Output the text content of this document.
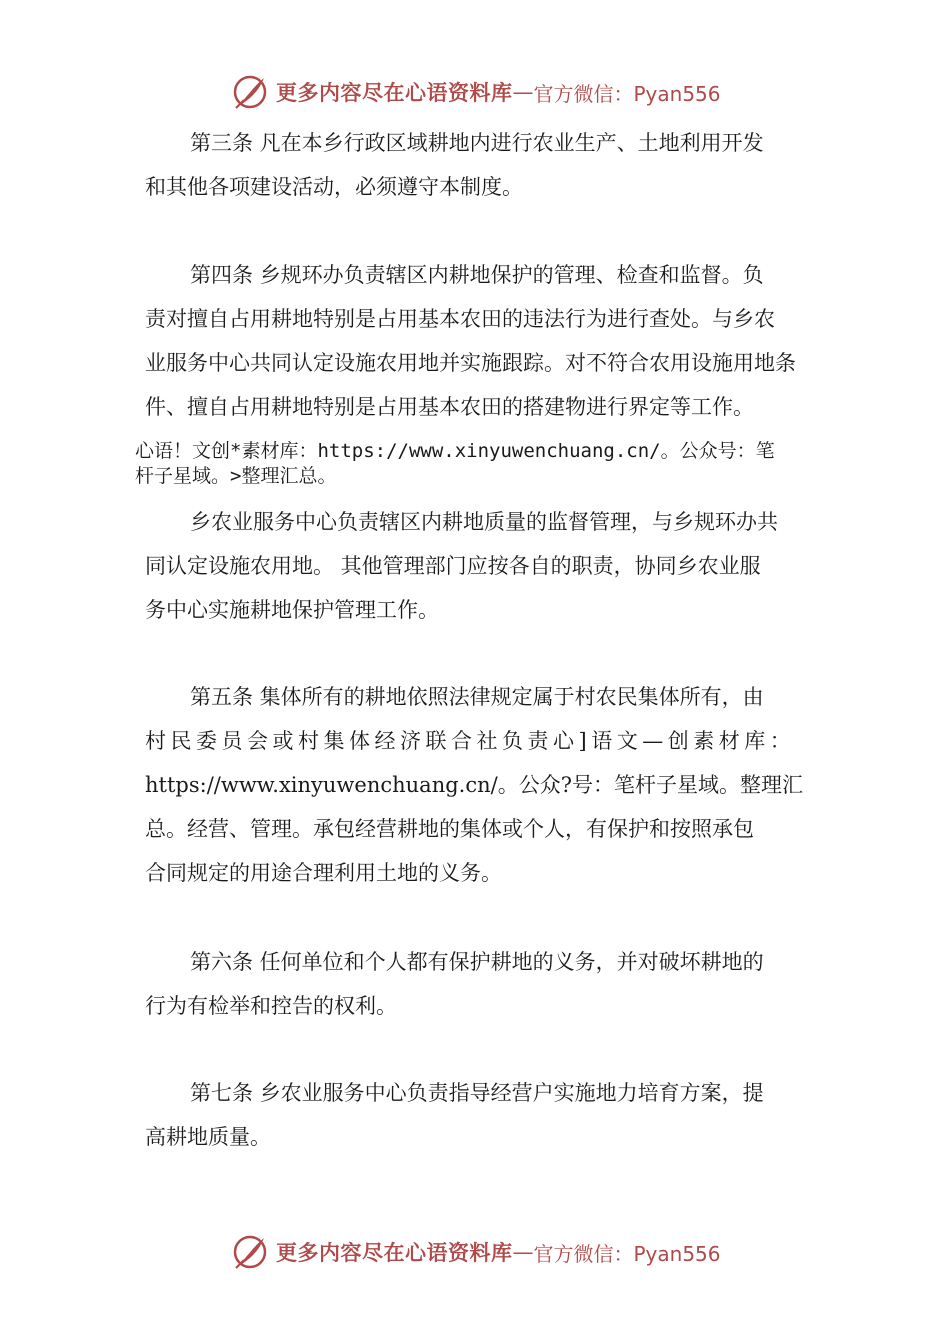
更多内容尽在心语资料库 — 官方微信：Pyan556
第三条 凡在本乡行政区域耕地内进行农业生产、土地利用开发
和其他各项建设活动，必须遵守本制度。
第四条 乡规环办负责辖区内耕地保护的管理、检查和监督。负
责对擅自占用耕地特别是占用基本农田的违法行为进行查处。与乡农
业服务中心共同认定设施农用地并实施跟踪。对不符合农用设施用地条
件、擅自占用耕地特别是占用基本农田的搭建物进行界定等工作。
心语！文创*素材库：https://www.xinyuwenchuang.cn/。公众号：笔
杆子星域。>整理汇总。
乡农业服务中心负责辖区内耕地质量的监督管理，与乡规环办共
同认定设施农用地。 其他管理部门应按各自的职责，协同乡农业服
务中心实施耕地保护管理工作。
第五条 集体所有的耕地依照法律规定属于村农民集体所有，由
村民委员会或村集体经济联合社负责心]语文—创素材库：
https://www.xinyuwenchuang.cn/。公众?号：笔杆子星域。整理汇
总。经营、管理。承包经营耕地的集体或个人，有保护和按照承包
合同规定的用途合理利用土地的义务。
第六条 任何单位和个人都有保护耕地的义务，并对破坏耕地的
行为有检举和控告的权利。
第七条 乡农业服务中心负责指导经营户实施地力培育方案，提
高耕地质量。
更多内容尽在心语资料库 — 官方微信：Pyan556
